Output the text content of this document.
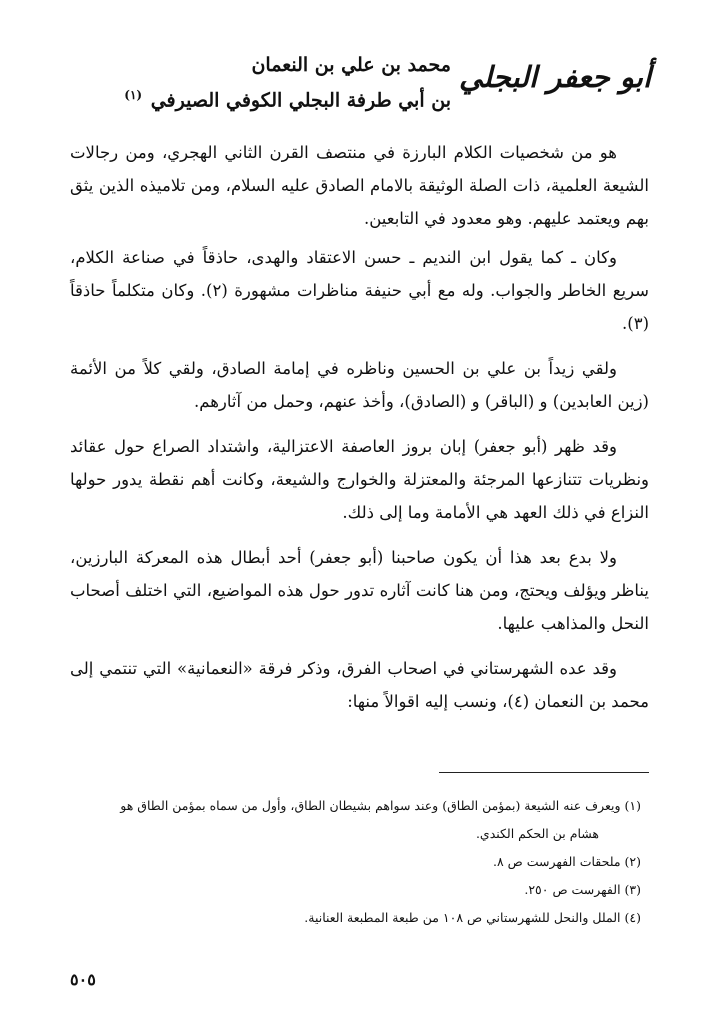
أبو جعفر البجلي
محمد بن علي بن النعمان
بن أبي طرفة البجلي الكوفي الصيرفي $^{(١)}$

هو من شخصيات الكلام البارزة في منتصف القرن الثاني الهجري، ومن رجالات الشيعة العلمية، ذات الصلة الوثيقة بالامام الصادق عليه السلام، ومن تلاميذه الذين يثق بهم ويعتمد عليهم. وهو معدود في التابعين.

وكان ـ كما يقول ابن النديم ـ حسن الاعتقاد والهدى، حاذقاً في صناعة الكلام، سريع الخاطر والجواب. وله مع أبي حنيفة مناظرات مشهورة (٢). وكان متكلماً حاذقاً (٣).

ولقي زيداً بن علي بن الحسين وناظره في إمامة الصادق، ولقي كلاً من الأئمة (زين العابدين) و (الباقر) و (الصادق)، وأخذ عنهم، وحمل من آثارهم.

وقد ظهر (أبو جعفر) إبان بروز العاصفة الاعتزالية، واشتداد الصراع حول عقائد ونظريات تتنازعها المرجئة والمعتزلة والخوارج والشيعة، وكانت أهم نقطة يدور حولها النزاع في ذلك العهد هي الأمامة وما إلى ذلك.

ولا بدع بعد هذا أن يكون صاحبنا (أبو جعفر) أحد أبطال هذه المعركة البارزين، يناظر ويؤلف ويحتج، ومن هنا كانت آثاره تدور حول هذه المواضيع، التي اختلف أصحاب النحل والمذاهب عليها.

وقد عده الشهرستاني في اصحاب الفرق، وذكر فرقة «النعمانية» التي تنتمي إلى محمد بن النعمان (٤)، ونسب إليه اقوالاً منها:

(١) ويعرف عنه الشيعة (بمؤمن الطاق) وعند سواهم بشيطان الطاق، وأول من سماه بمؤمن الطاق هو

هشام بن الحكم الكندي.

(٢) ملحقات الفهرست ص ٨.

(٣) الفهرست ص ٢٥٠.

(٤) الملل والنحل للشهرستاني ص ١٠٨ من طبعة المطبعة العنانية.

٥٠٥
